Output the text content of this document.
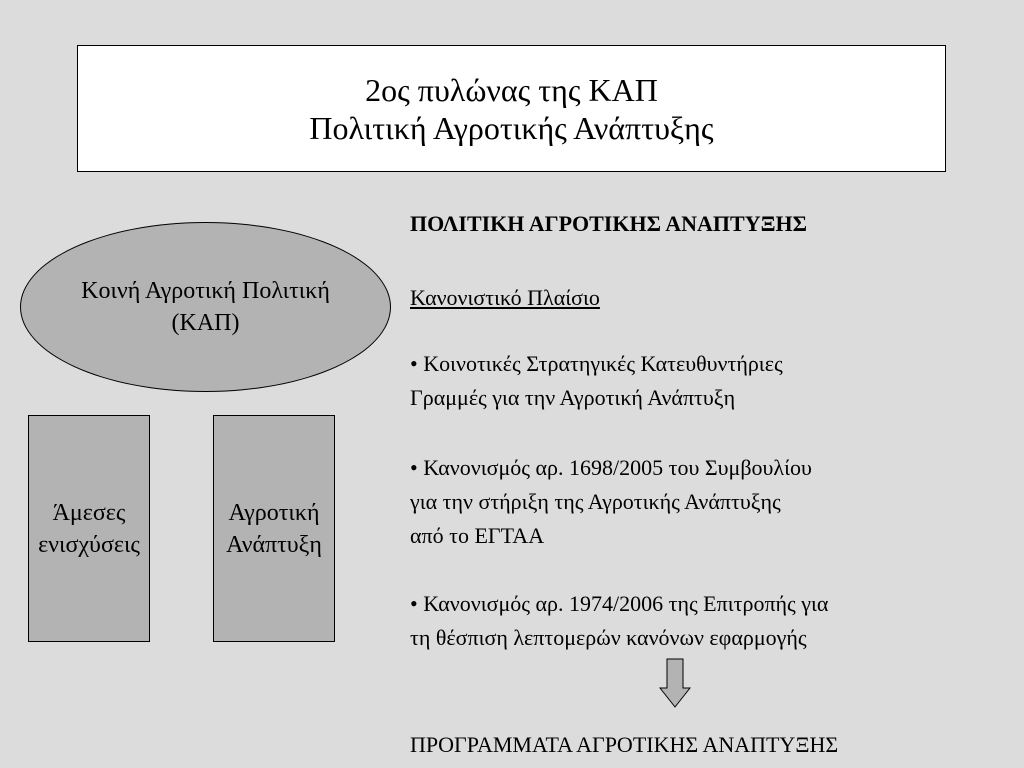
2ος πυλώνας της ΚΑΠ
Πολιτική Αγροτικής Ανάπτυξης
Κοινή Αγροτική Πολιτική
(ΚΑΠ)
Άμεσες
ενισχύσεις
Αγροτική
Ανάπτυξη
ΠΟΛΙΤΙΚΗ ΑΓΡΟΤΙΚΗΣ ΑΝΑΠΤΥΞΗΣ
Κανονιστικό Πλαίσιο
• Κοινοτικές Στρατηγικές Κατευθυντήριες
Γραμμές για την Αγροτική Ανάπτυξη
• Κανονισμός αρ. 1698/2005 του Συμβουλίου
για την στήριξη της Αγροτικής Ανάπτυξης
από το ΕΓΤΑΑ
• Κανονισμός αρ. 1974/2006 της Επιτροπής για
τη θέσπιση λεπτομερών κανόνων εφαρμογής
ΠΡΟΓΡΑΜΜΑΤΑ ΑΓΡΟΤΙΚΗΣ ΑΝΑΠΤΥΞΗΣ
